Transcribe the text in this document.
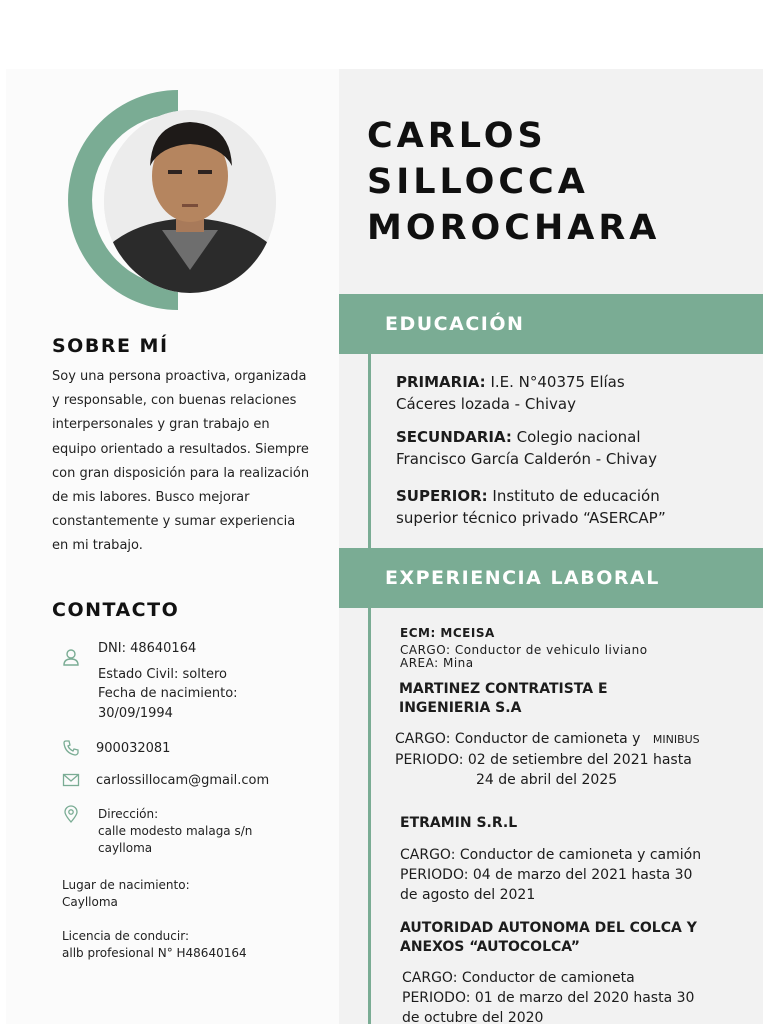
SOBRE MÍ
Soy una persona proactiva, organizada y responsable, con buenas relaciones interpersonales y gran trabajo en equipo orientado a resultados. Siempre con gran disposición para la realización de mis labores. Busco mejorar constantemente y sumar experiencia en mi trabajo.
CONTACTO
DNI: 48640164
Estado Civil: soltero
Fecha de nacimiento:
30/09/1994
900032081
carlossillocam@gmail.com
Dirección:
calle modesto malaga s/n
caylloma
Lugar de nacimiento:
Caylloma
Licencia de conducir:
allb profesional N° H48640164
CARLOS
SILLOCCA
MOROCHARA
EDUCACIÓN
PRIMARIA: I.E. N°40375 Elías
Cáceres lozada - Chivay
SECUNDARIA: Colegio nacional
Francisco García Calderón - Chivay
SUPERIOR: Instituto de educación
superior técnico privado “ASERCAP”
EXPERIENCIA LABORAL
ECM: MCEISA
CARGO: Conductor de vehiculo liviano
AREA: Mina
MARTINEZ CONTRATISTA E
INGENIERIA S.A
CARGO: Conductor de camioneta y MINIBUS
PERIODO: 02 de setiembre del 2021 hasta
24 de abril del 2025
ETRAMIN S.R.L
CARGO: Conductor de camioneta y camión
PERIODO: 04 de marzo del 2021 hasta 30
de agosto del 2021
AUTORIDAD AUTONOMA DEL COLCA Y
ANEXOS “AUTOCOLCA”
CARGO: Conductor de camioneta
PERIODO: 01 de marzo del 2020 hasta 30
de octubre del 2020
